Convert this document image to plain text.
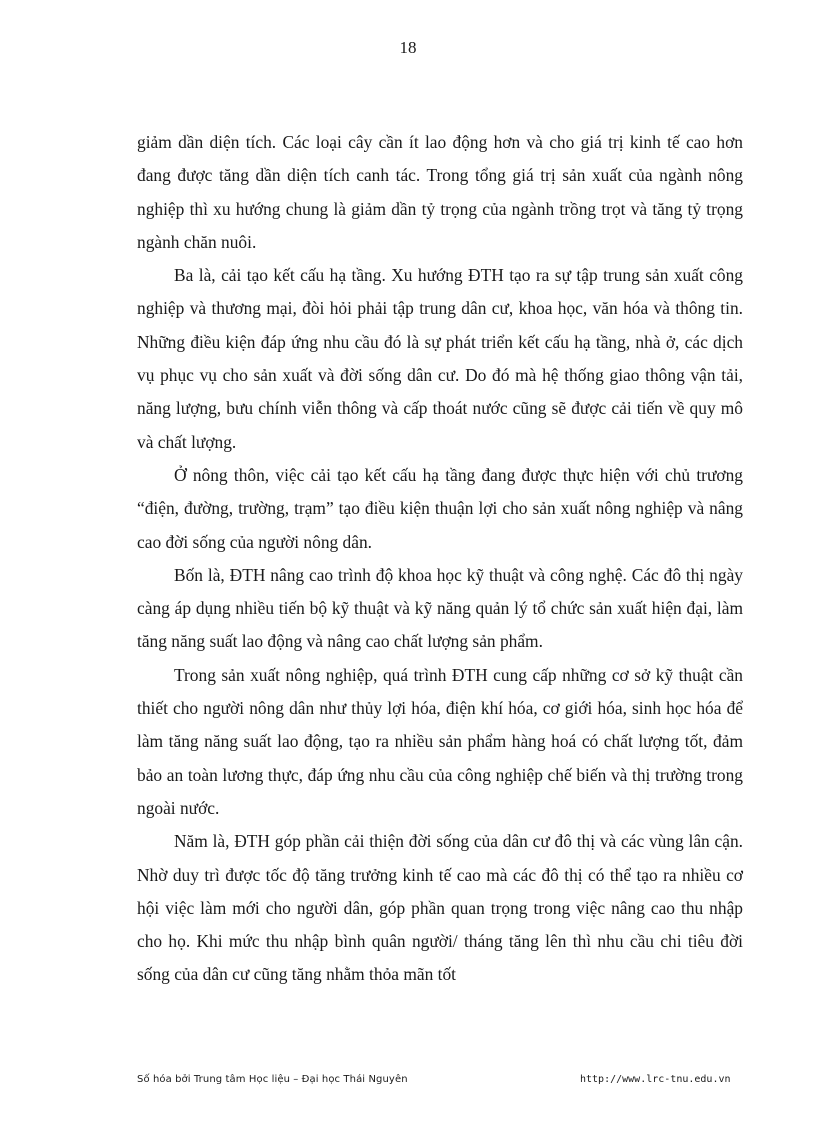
18

giảm dần diện tích. Các loại cây cần ít lao động hơn và cho giá trị kinh tế cao hơn đang được tăng dần diện tích canh tác. Trong tổng giá trị sản xuất của ngành nông nghiệp thì xu hướng chung là giảm dần tỷ trọng của ngành trồng trọt và tăng tỷ trọng ngành chăn nuôi.

Ba là, cải tạo kết cấu hạ tầng. Xu hướng ĐTH tạo ra sự tập trung sản xuất công nghiệp và thương mại, đòi hỏi phải tập trung dân cư, khoa học, văn hóa và thông tin. Những điều kiện đáp ứng nhu cầu đó là sự phát triển kết cấu hạ tầng, nhà ở, các dịch vụ phục vụ cho sản xuất và đời sống dân cư. Do đó mà hệ thống giao thông vận tải, năng lượng, bưu chính viễn thông và cấp thoát nước cũng sẽ được cải tiến về quy mô và chất lượng.

Ở nông thôn, việc cải tạo kết cấu hạ tầng đang được thực hiện với chủ trương “điện, đường, trường, trạm” tạo điều kiện thuận lợi cho sản xuất nông nghiệp và nâng cao đời sống của người nông dân.

Bốn là, ĐTH nâng cao trình độ khoa học kỹ thuật và công nghệ. Các đô thị ngày càng áp dụng nhiều tiến bộ kỹ thuật và kỹ năng quản lý tổ chức sản xuất hiện đại, làm tăng năng suất lao động và nâng cao chất lượng sản phẩm.

Trong sản xuất nông nghiệp, quá trình ĐTH cung cấp những cơ sở kỹ thuật cần thiết cho người nông dân như thủy lợi hóa, điện khí hóa, cơ giới hóa, sinh học hóa để làm tăng năng suất lao động, tạo ra nhiều sản phẩm hàng hoá có chất lượng tốt, đảm bảo an toàn lương thực, đáp ứng nhu cầu của công nghiệp chế biến và thị trường trong ngoài nước.

Năm là, ĐTH góp phần cải thiện đời sống của dân cư đô thị và các vùng lân cận. Nhờ duy trì được tốc độ tăng trưởng kinh tế cao mà các đô thị có thể tạo ra nhiều cơ hội việc làm mới cho người dân, góp phần quan trọng trong việc nâng cao thu nhập cho họ. Khi mức thu nhập bình quân người/ tháng tăng lên thì nhu cầu chi tiêu đời sống của dân cư cũng tăng nhằm thỏa mãn tốt

Số hóa bởi Trung tâm Học liệu – Đại học Thái Nguyên	http://www.lrc-tnu.edu.vn
